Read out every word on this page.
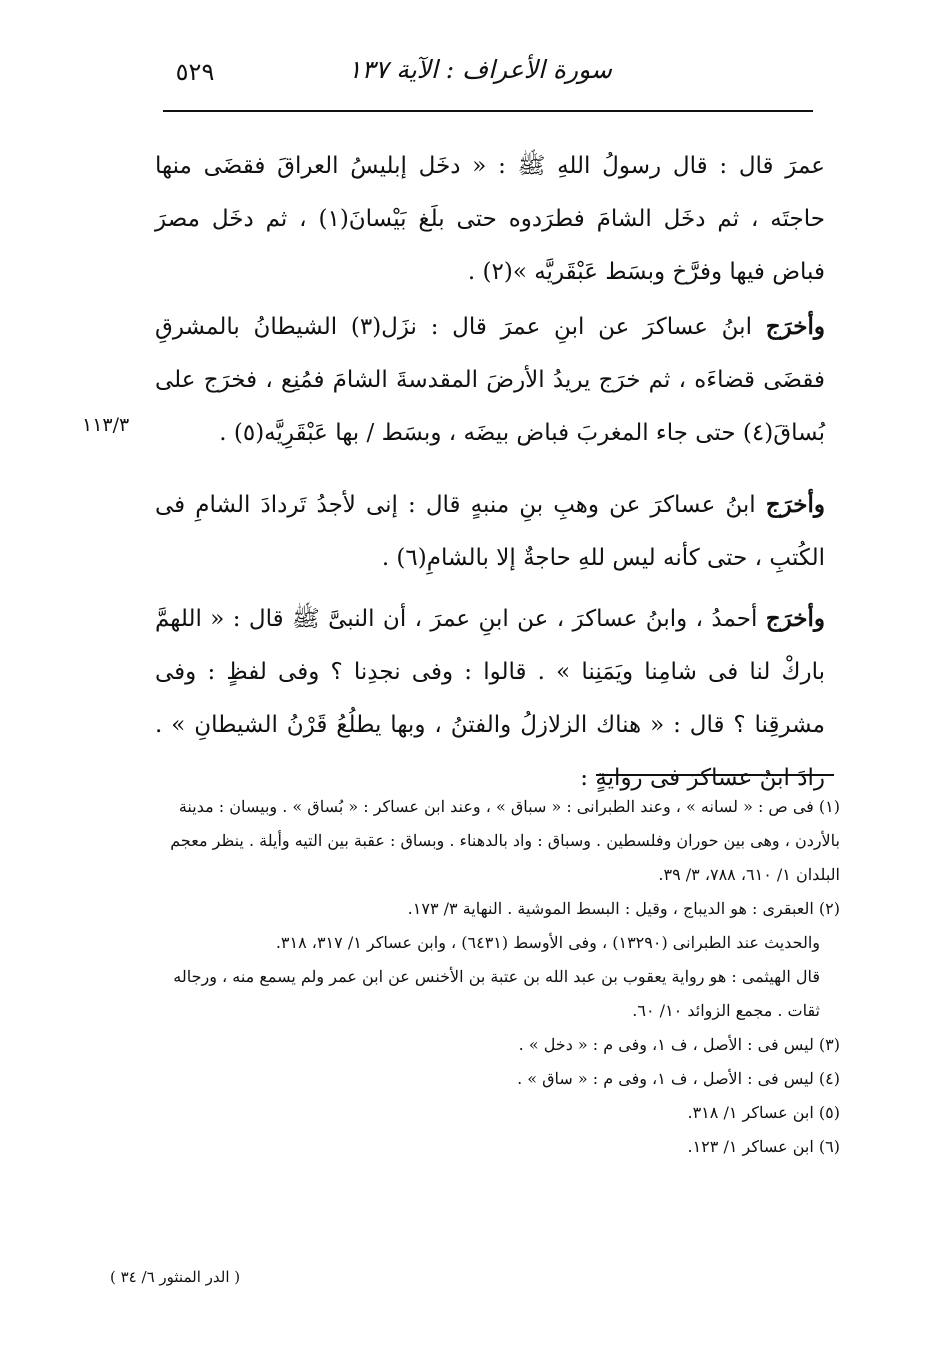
سورة الأعراف : الآية ١٣٧
٥٢٩

عمرَ قال : قال رسولُ اللهِ ﷺ : « دخَل إبليسُ العراقَ فقضَى منها حاجتَه ، ثم دخَل الشامَ فطرَدوه حتى بلَغ بَيْسانَ(١) ، ثم دخَل مصرَ فباض فيها وفرَّخ وبسَط عَبْقَريَّه »(٢) .

وأخرَج ابنُ عساكرَ عن ابنِ عمرَ قال : نزَل(٣) الشيطانُ بالمشرقِ فقضَى قضاءَه ، ثم خرَج يريدُ الأرضَ المقدسةَ الشامَ فمُنِع ، فخرَج على بُساقَ(٤) حتى جاء المغربَ فباض بيضَه ، وبسَط / بها عَبْقَرِيَّه(٥) .

١١٣/٣

وأخرَج ابنُ عساكرَ عن وهبِ بنِ منبهٍ قال : إنى لأجدُ تَردادَ الشامِ فى الكُتبِ ، حتى كأنه ليس للهِ حاجةٌ إلا بالشامِ(٦) .

وأخرَج أحمدُ ، وابنُ عساكرَ ، عن ابنِ عمرَ ، أن النبىَّ ﷺ قال : « اللهمَّ باركْ لنا فى شامِنا ويَمَنِنا » . قالوا : وفى نجدِنا ؟ وفى لفظٍ : وفى مشرقِنا ؟ قال : « هناك الزلازلُ والفتنُ ، وبها يطلُعُ قَرْنُ الشيطانِ » . زادَ ابنُ عساكرَ فى روايةٍ :

(١) فى ص : « لسانه » ، وعند الطبرانى : « سباق » ، وعند ابن عساكر : « بُساق » . وبيسان : مدينة بالأردن ، وهى بين حوران وفلسطين . وسباق : واد بالدهناء . وبساق : عقبة بين التيه وأيلة . ينظر معجم البلدان ١/ ٦١٠، ٧٨٨، ٣/ ٣٩.

(٢) العبقرى : هو الديباج ، وقيل : البسط الموشية . النهاية ٣/ ١٧٣.

والحديث عند الطبرانى (١٣٢٩٠) ، وفى الأوسط (٦٤٣١) ، وابن عساكر ١/ ٣١٧، ٣١٨.

قال الهيثمى : هو رواية يعقوب بن عبد الله بن عتبة بن الأخنس عن ابن عمر ولم يسمع منه ، ورجاله ثقات . مجمع الزوائد ١٠/ ٦٠.

(٣) ليس فى : الأصل ، ف ١، وفى م : « دخل » .

(٤) ليس فى : الأصل ، ف ١، وفى م : « ساق » .

(٥) ابن عساكر ١/ ٣١٨.

(٦) ابن عساكر ١/ ١٢٣.

( الدر المنثور ٦/ ٣٤ )
